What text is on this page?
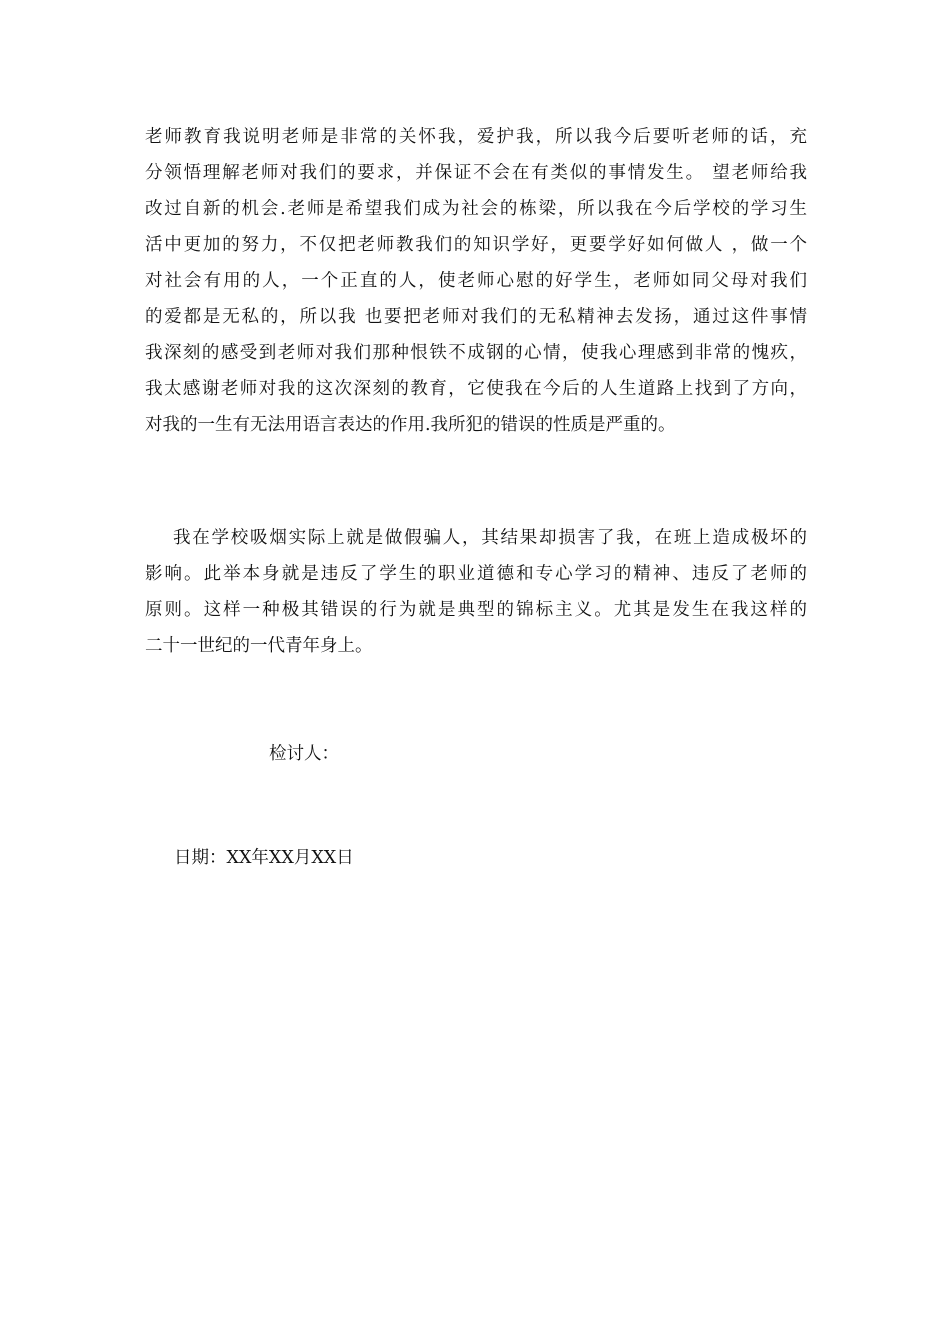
老师教育我说明老师是非常的关怀我，爱护我，所以我今后要听老师的话，充
分领悟理解老师对我们的要求，并保证不会在有类似的事情发生。 望老师给我
改过自新的机会.老师是希望我们成为社会的栋梁，所以我在今后学校的学习生
活中更加的努力，不仅把老师教我们的知识学好，更要学好如何做人 ，做一个
对社会有用的人，一个正直的人，使老师心慰的好学生，老师如同父母对我们
的爱都是无私的，所以我 也要把老师对我们的无私精神去发扬，通过这件事情
我深刻的感受到老师对我们那种恨铁不成钢的心情，使我心理感到非常的愧疚，
我太感谢老师对我的这次深刻的教育，它使我在今后的人生道路上找到了方向，
对我的一生有无法用语言表达的作用.我所犯的错误的性质是严重的。
我在学校吸烟实际上就是做假骗人，其结果却损害了我，在班上造成极坏的
影响。此举本身就是违反了学生的职业道德和专心学习的精神、违反了老师的
原则。这样一种极其错误的行为就是典型的锦标主义。尤其是发生在我这样的
二十一世纪的一代青年身上。

检讨人：

日期：XX年XX月XX日
